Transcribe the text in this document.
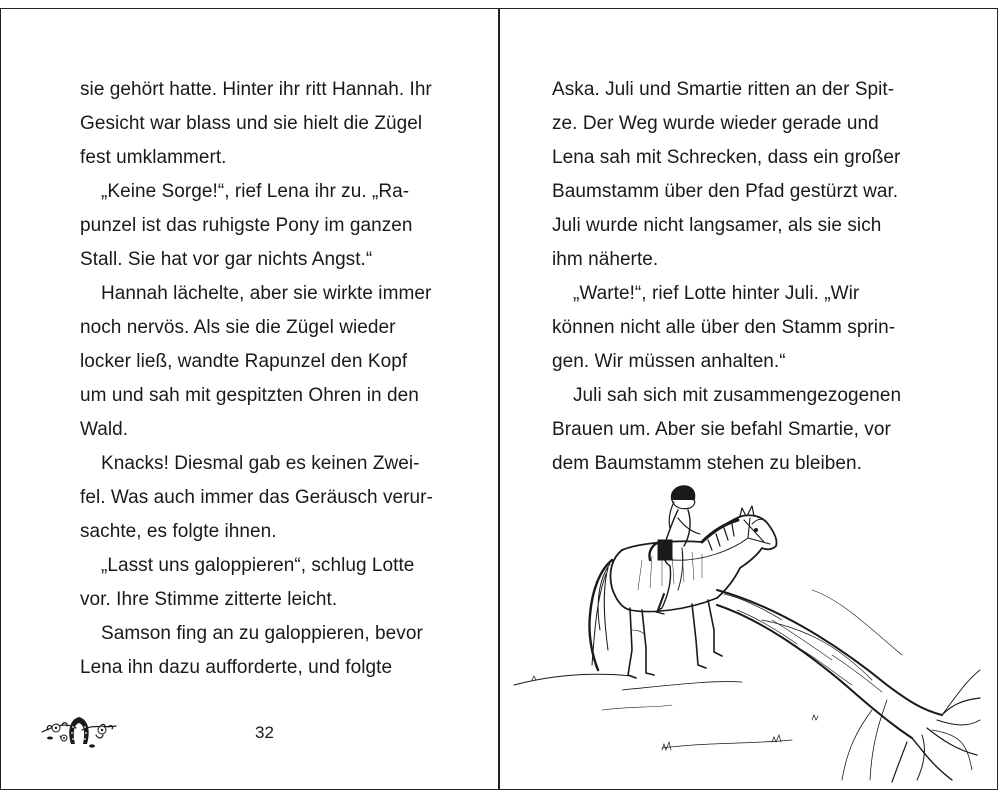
sie gehört hatte. Hinter ihr ritt Hannah. Ihr
Gesicht war blass und sie hielt die Zügel
fest umklammert.
„Keine Sorge!“, rief Lena ihr zu. „Ra-
punzel ist das ruhigste Pony im ganzen
Stall. Sie hat vor gar nichts Angst.“
Hannah lächelte, aber sie wirkte immer
noch nervös. Als sie die Zügel wieder
locker ließ, wandte Rapunzel den Kopf
um und sah mit gespitzten Ohren in den
Wald.
Knacks! Diesmal gab es keinen Zwei-
fel. Was auch immer das Geräusch verur-
sachte, es folgte ihnen.
„Lasst uns galoppieren“, schlug Lotte
vor. Ihre Stimme zitterte leicht.
Samson fing an zu galoppieren, bevor
Lena ihn dazu aufforderte, und folgte
32
Aska. Juli und Smartie ritten an der Spit-
ze. Der Weg wurde wieder gerade und
Lena sah mit Schrecken, dass ein großer
Baumstamm über den Pfad gestürzt war.
Juli wurde nicht langsamer, als sie sich
ihm näherte.
„Warte!“, rief Lotte hinter Juli. „Wir
können nicht alle über den Stamm sprin-
gen. Wir müssen anhalten.“
Juli sah sich mit zusammengezogenen
Brauen um. Aber sie befahl Smartie, vor
dem Baumstamm stehen zu bleiben.
